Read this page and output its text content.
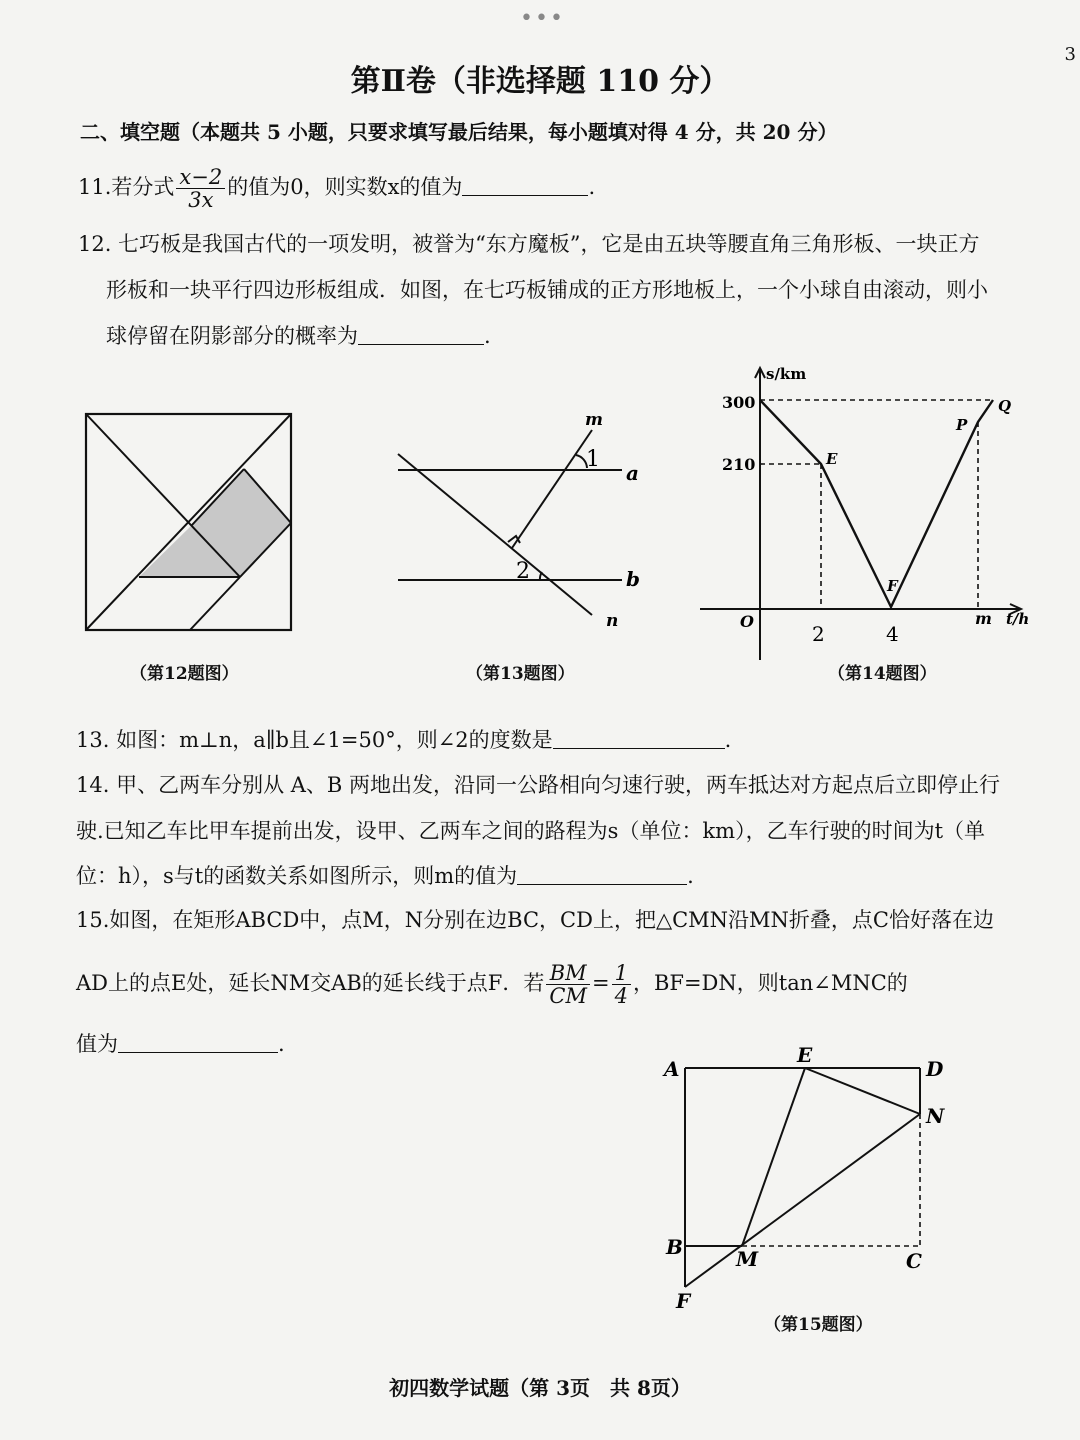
•••
3
第Ⅱ卷（非选择题 110 分）
二、填空题（本题共 5 小题，只要求填写最后结果，每小题填对得 4 分，共 20 分）
11.若分式 $\frac{x-2}{3x}$ 的值为0，则实数x的值为	.
12. 七巧板是我国古代的一项发明，被誉为“东方魔板”，它是由五块等腰直角三角形板、一块正方
形板和一块平行四边形板组成．如图，在七巧板铺成的正方形地板上，一个小球自由滚动，则小
球停留在阴影部分的概率为	.
（第12题图）
m
a
b
n
1
2
（第13题图）
s/km
300
210
O
2	4
m t/h
E
F
P
Q
（第14题图）
13. 如图：m⊥n，a∥b且∠1=50°，则∠2的度数是	.
14. 甲、乙两车分别从 A、B 两地出发，沿同一公路相向匀速行驶，两车抵达对方起点后立即停止行
驶.已知乙车比甲车提前出发，设甲、乙两车之间的路程为s（单位：km），乙车行驶的时间为t（单
位：h），s与t的函数关系如图所示，则m的值为	.
15.如图，在矩形ABCD中，点M，N分别在边BC，CD上，把△CMN沿MN折叠，点C恰好落在边
AD上的点E处，延长NM交AB的延长线于点F．若 $\frac{BM}{CM} = \frac{1}{4}$ ，BF=DN，则tan∠MNC的
值为	.
A
E
D
N
B	M	C
F
（第15题图）
初四数学试题（第 3页　共 8页）
